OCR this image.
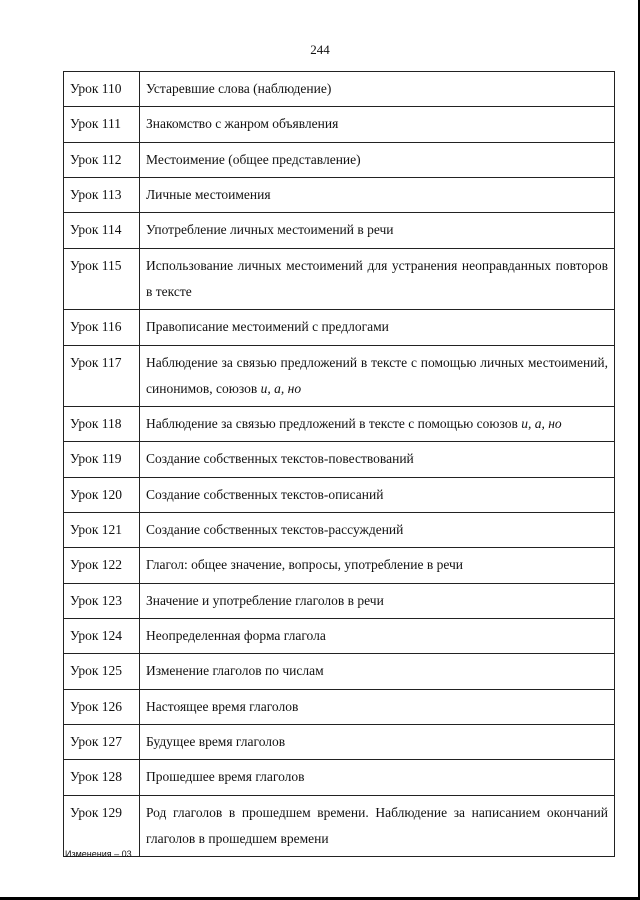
244
Урок 110	Устаревшие слова (наблюдение)
Урок 111	Знакомство с жанром объявления
Урок 112	Местоимение (общее представление)
Урок 113	Личные местоимения
Урок 114	Употребление личных местоимений в речи
Урок 115	Использование личных местоимений для устранения неоправданных повторов в тексте
Урок 116	Правописание местоимений с предлогами
Урок 117	Наблюдение за связью предложений в тексте с помощью личных местоимений, синонимов, союзов и, а, но
Урок 118	Наблюдение за связью предложений в тексте с помощью союзов и, а, но
Урок 119	Создание собственных текстов-повествований
Урок 120	Создание собственных текстов-описаний
Урок 121	Создание собственных текстов-рассуждений
Урок 122	Глагол: общее значение, вопросы, употребление в речи
Урок 123	Значение и употребление глаголов в речи
Урок 124	Неопределенная форма глагола
Урок 125	Изменение глаголов по числам
Урок 126	Настоящее время глаголов
Урок 127	Будущее время глаголов
Урок 128	Прошедшее время глаголов
Урок 129	Род глаголов в прошедшем времени. Наблюдение за написанием окончаний глаголов в прошедшем времени
Изменения – 03
